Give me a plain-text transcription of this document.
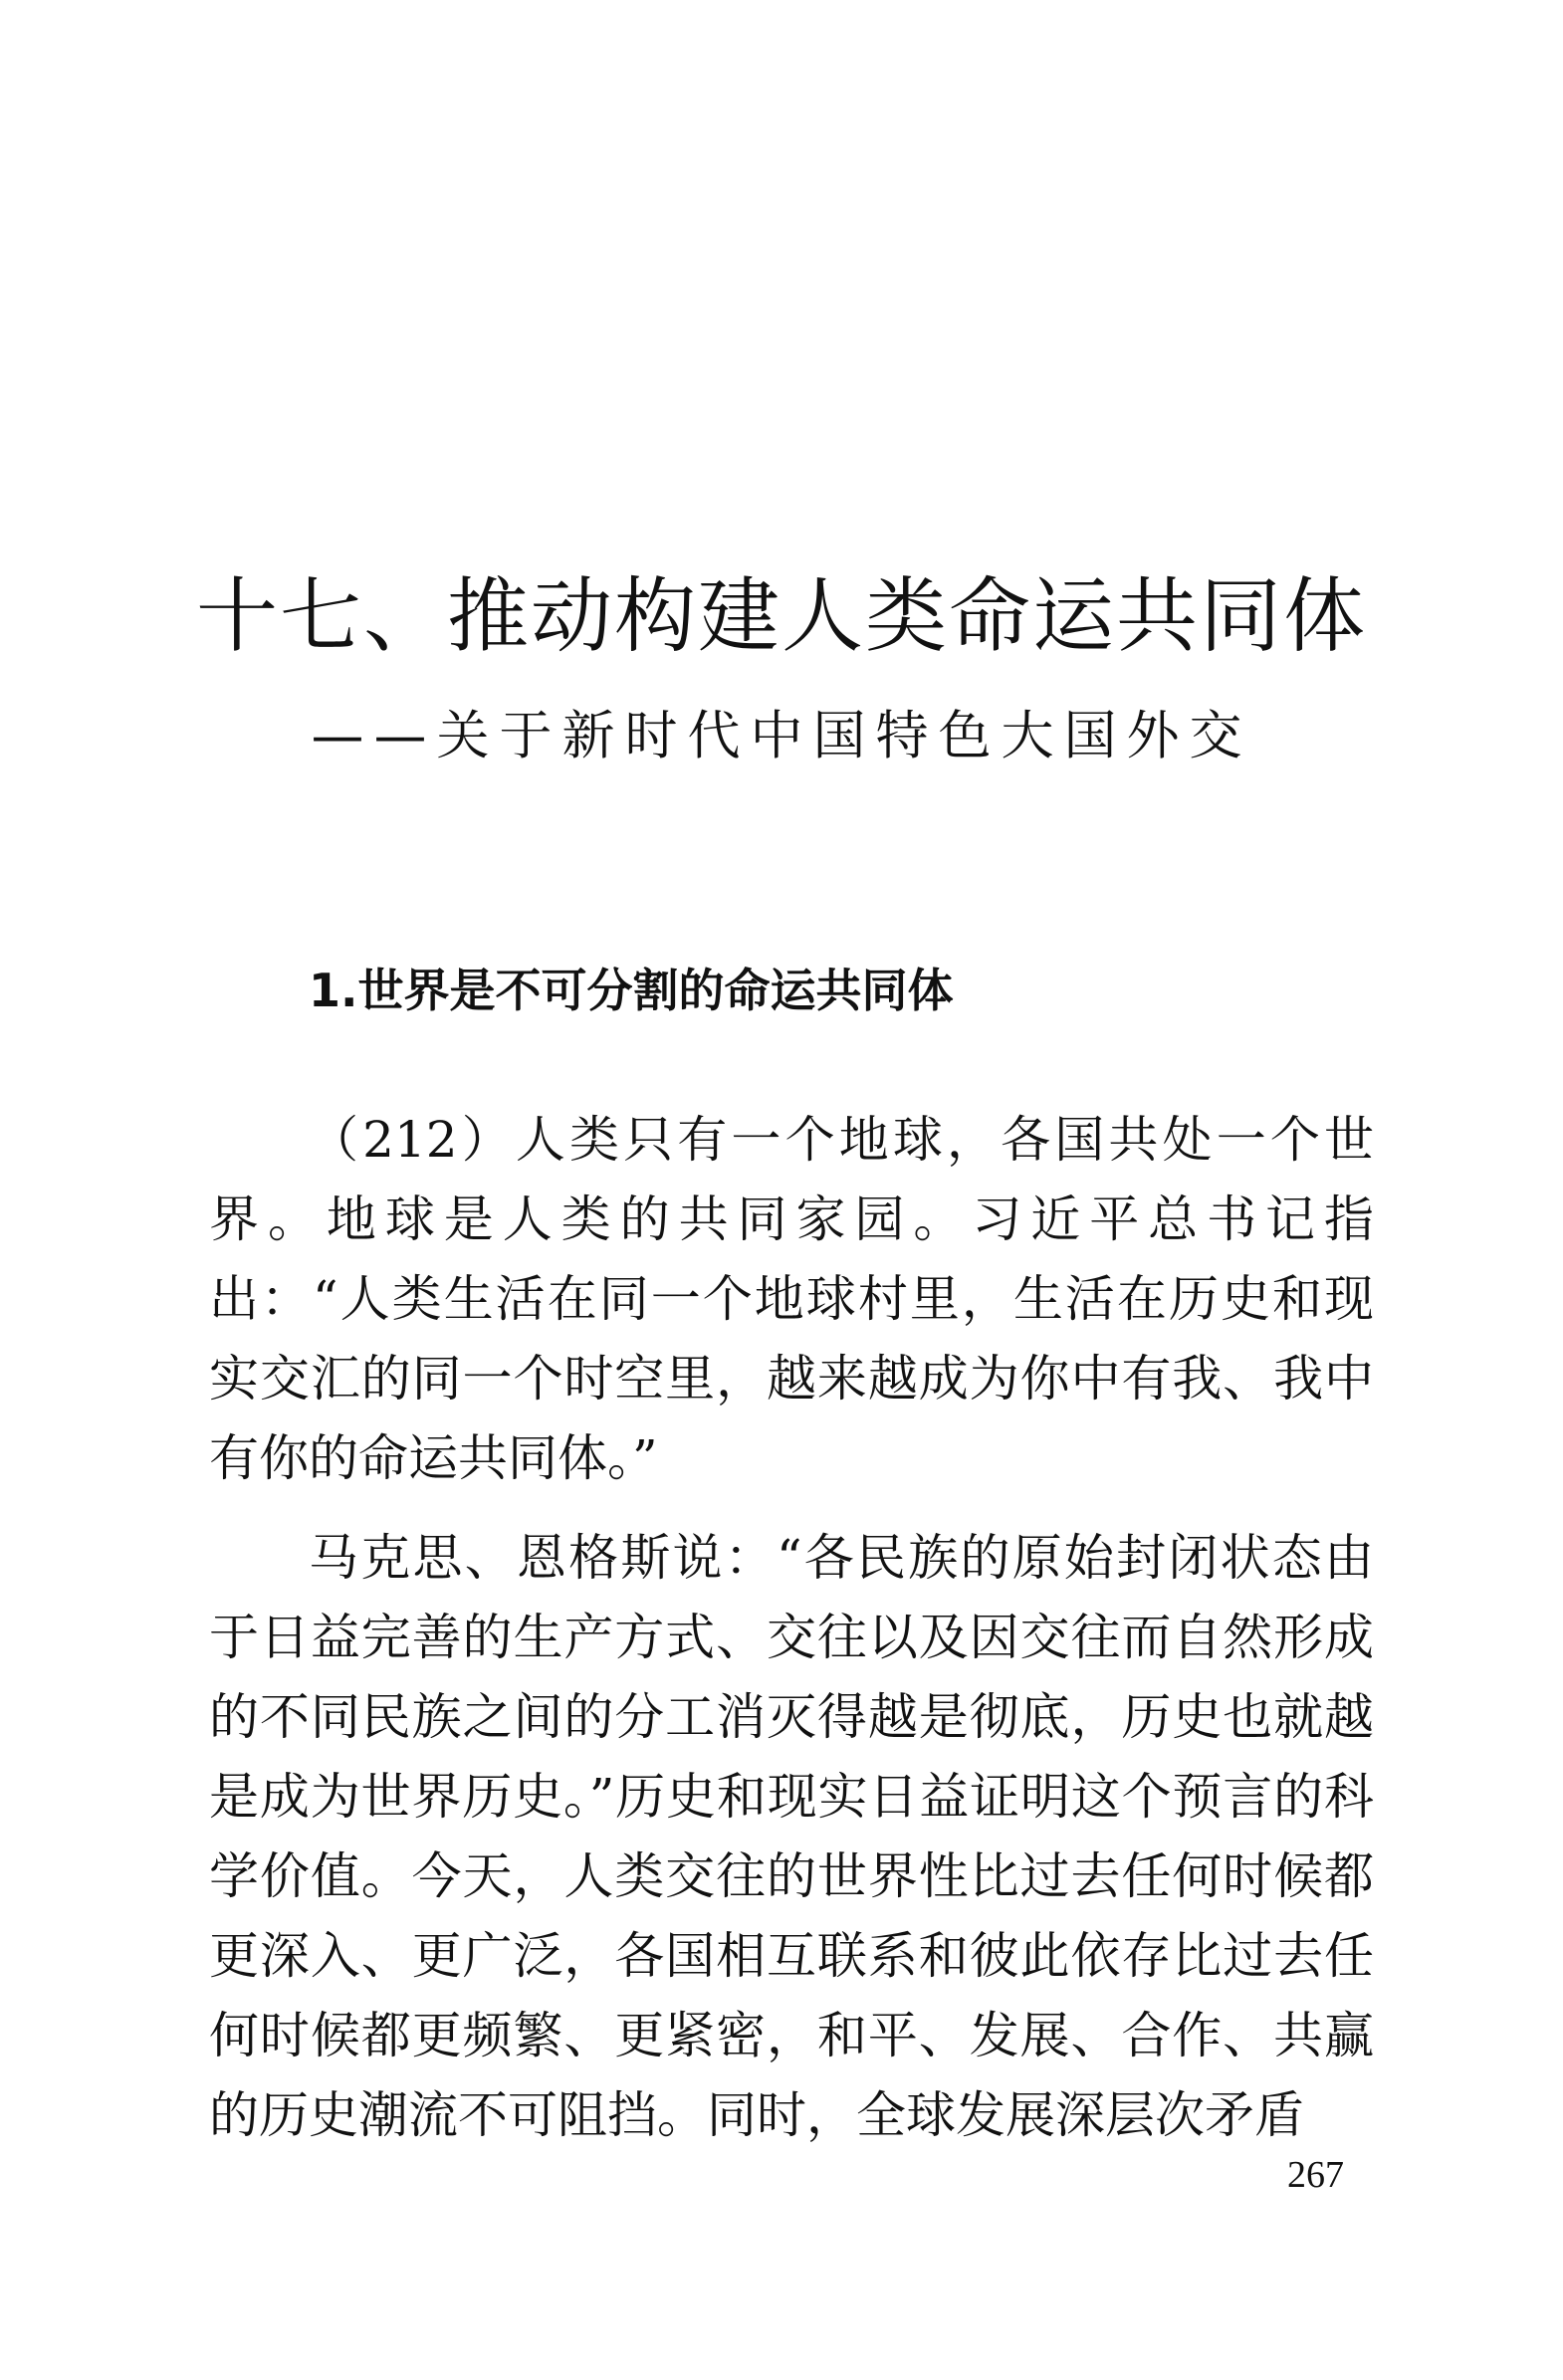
十七、推动构建人类命运共同体
——关于新时代中国特色大国外交
1.世界是不可分割的命运共同体

（212）人类只有一个地球，各国共处一个世界。地球是人类的共同家园。习近平总书记指出：“人类生活在同一个地球村里，生活在历史和现实交汇的同一个时空里，越来越成为你中有我、我中有你的命运共同体。”

马克思、恩格斯说：“各民族的原始封闭状态由于日益完善的生产方式、交往以及因交往而自然形成的不同民族之间的分工消灭得越是彻底，历史也就越是成为世界历史。”历史和现实日益证明这个预言的科学价值。今天，人类交往的世界性比过去任何时候都更深入、更广泛，各国相互联系和彼此依存比过去任何时候都更频繁、更紧密，和平、发展、合作、共赢的历史潮流不可阻挡。同时，全球发展深层次矛盾

267
